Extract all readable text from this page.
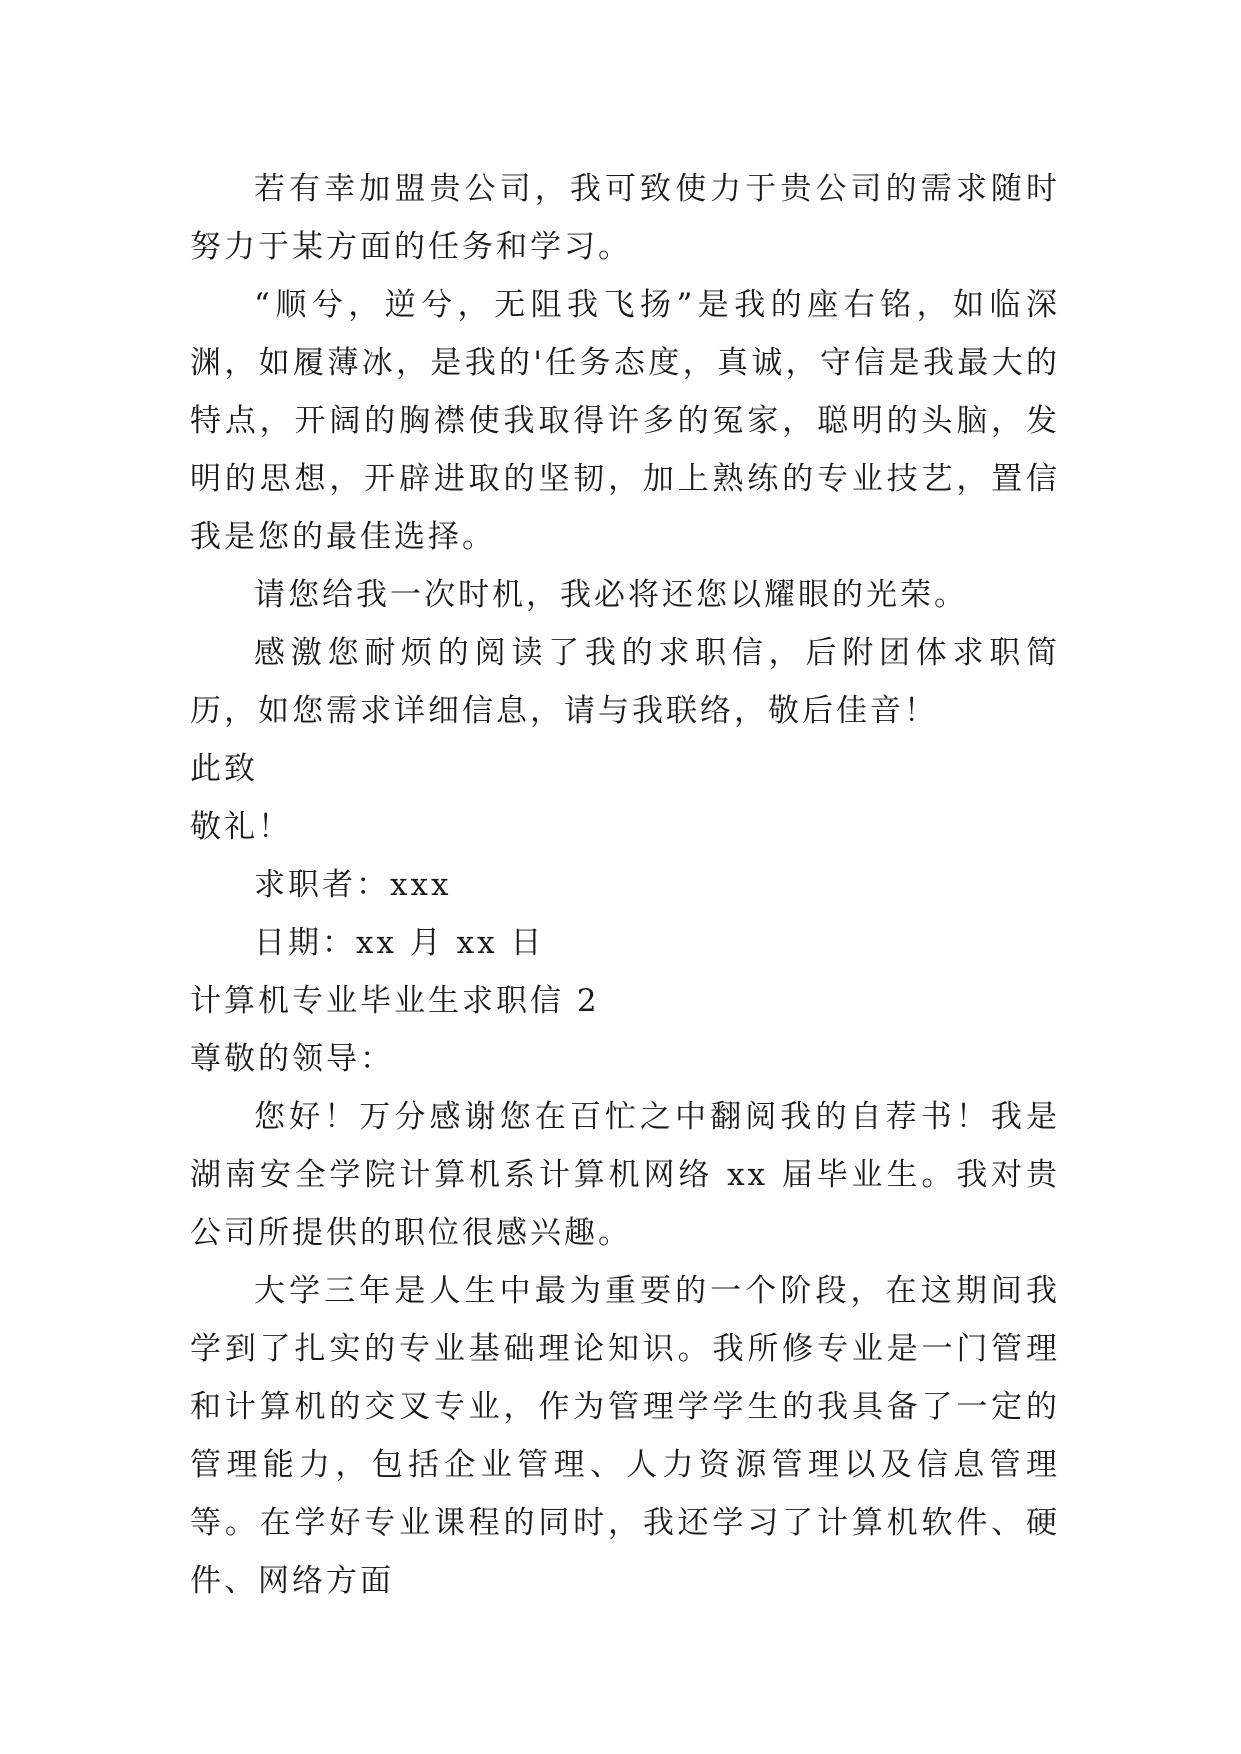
若有幸加盟贵公司，我可致使力于贵公司的需求随时努力于某方面的任务和学习。

“顺兮，逆兮，无阻我飞扬”是我的座右铭，如临深渊，如履薄冰，是我的'任务态度，真诚，守信是我最大的特点，开阔的胸襟使我取得许多的冤家，聪明的头脑，发明的思想，开辟进取的坚韧，加上熟练的专业技艺，置信我是您的最佳选择。

请您给我一次时机，我必将还您以耀眼的光荣。

感激您耐烦的阅读了我的求职信，后附团体求职简历，如您需求详细信息，请与我联络，敬后佳音！

此致

敬礼！

求职者：xxx

日期：xx 月 xx 日

计算机专业毕业生求职信 2

尊敬的领导：

您好！万分感谢您在百忙之中翻阅我的自荐书！我是湖南安全学院计算机系计算机网络 xx 届毕业生。我对贵公司所提供的职位很感兴趣。

大学三年是人生中最为重要的一个阶段，在这期间我学到了扎实的专业基础理论知识。我所修专业是一门管理和计算机的交叉专业，作为管理学学生的我具备了一定的管理能力，包括企业管理、人力资源管理以及信息管理等。在学好专业课程的同时，我还学习了计算机软件、硬件、网络方面
